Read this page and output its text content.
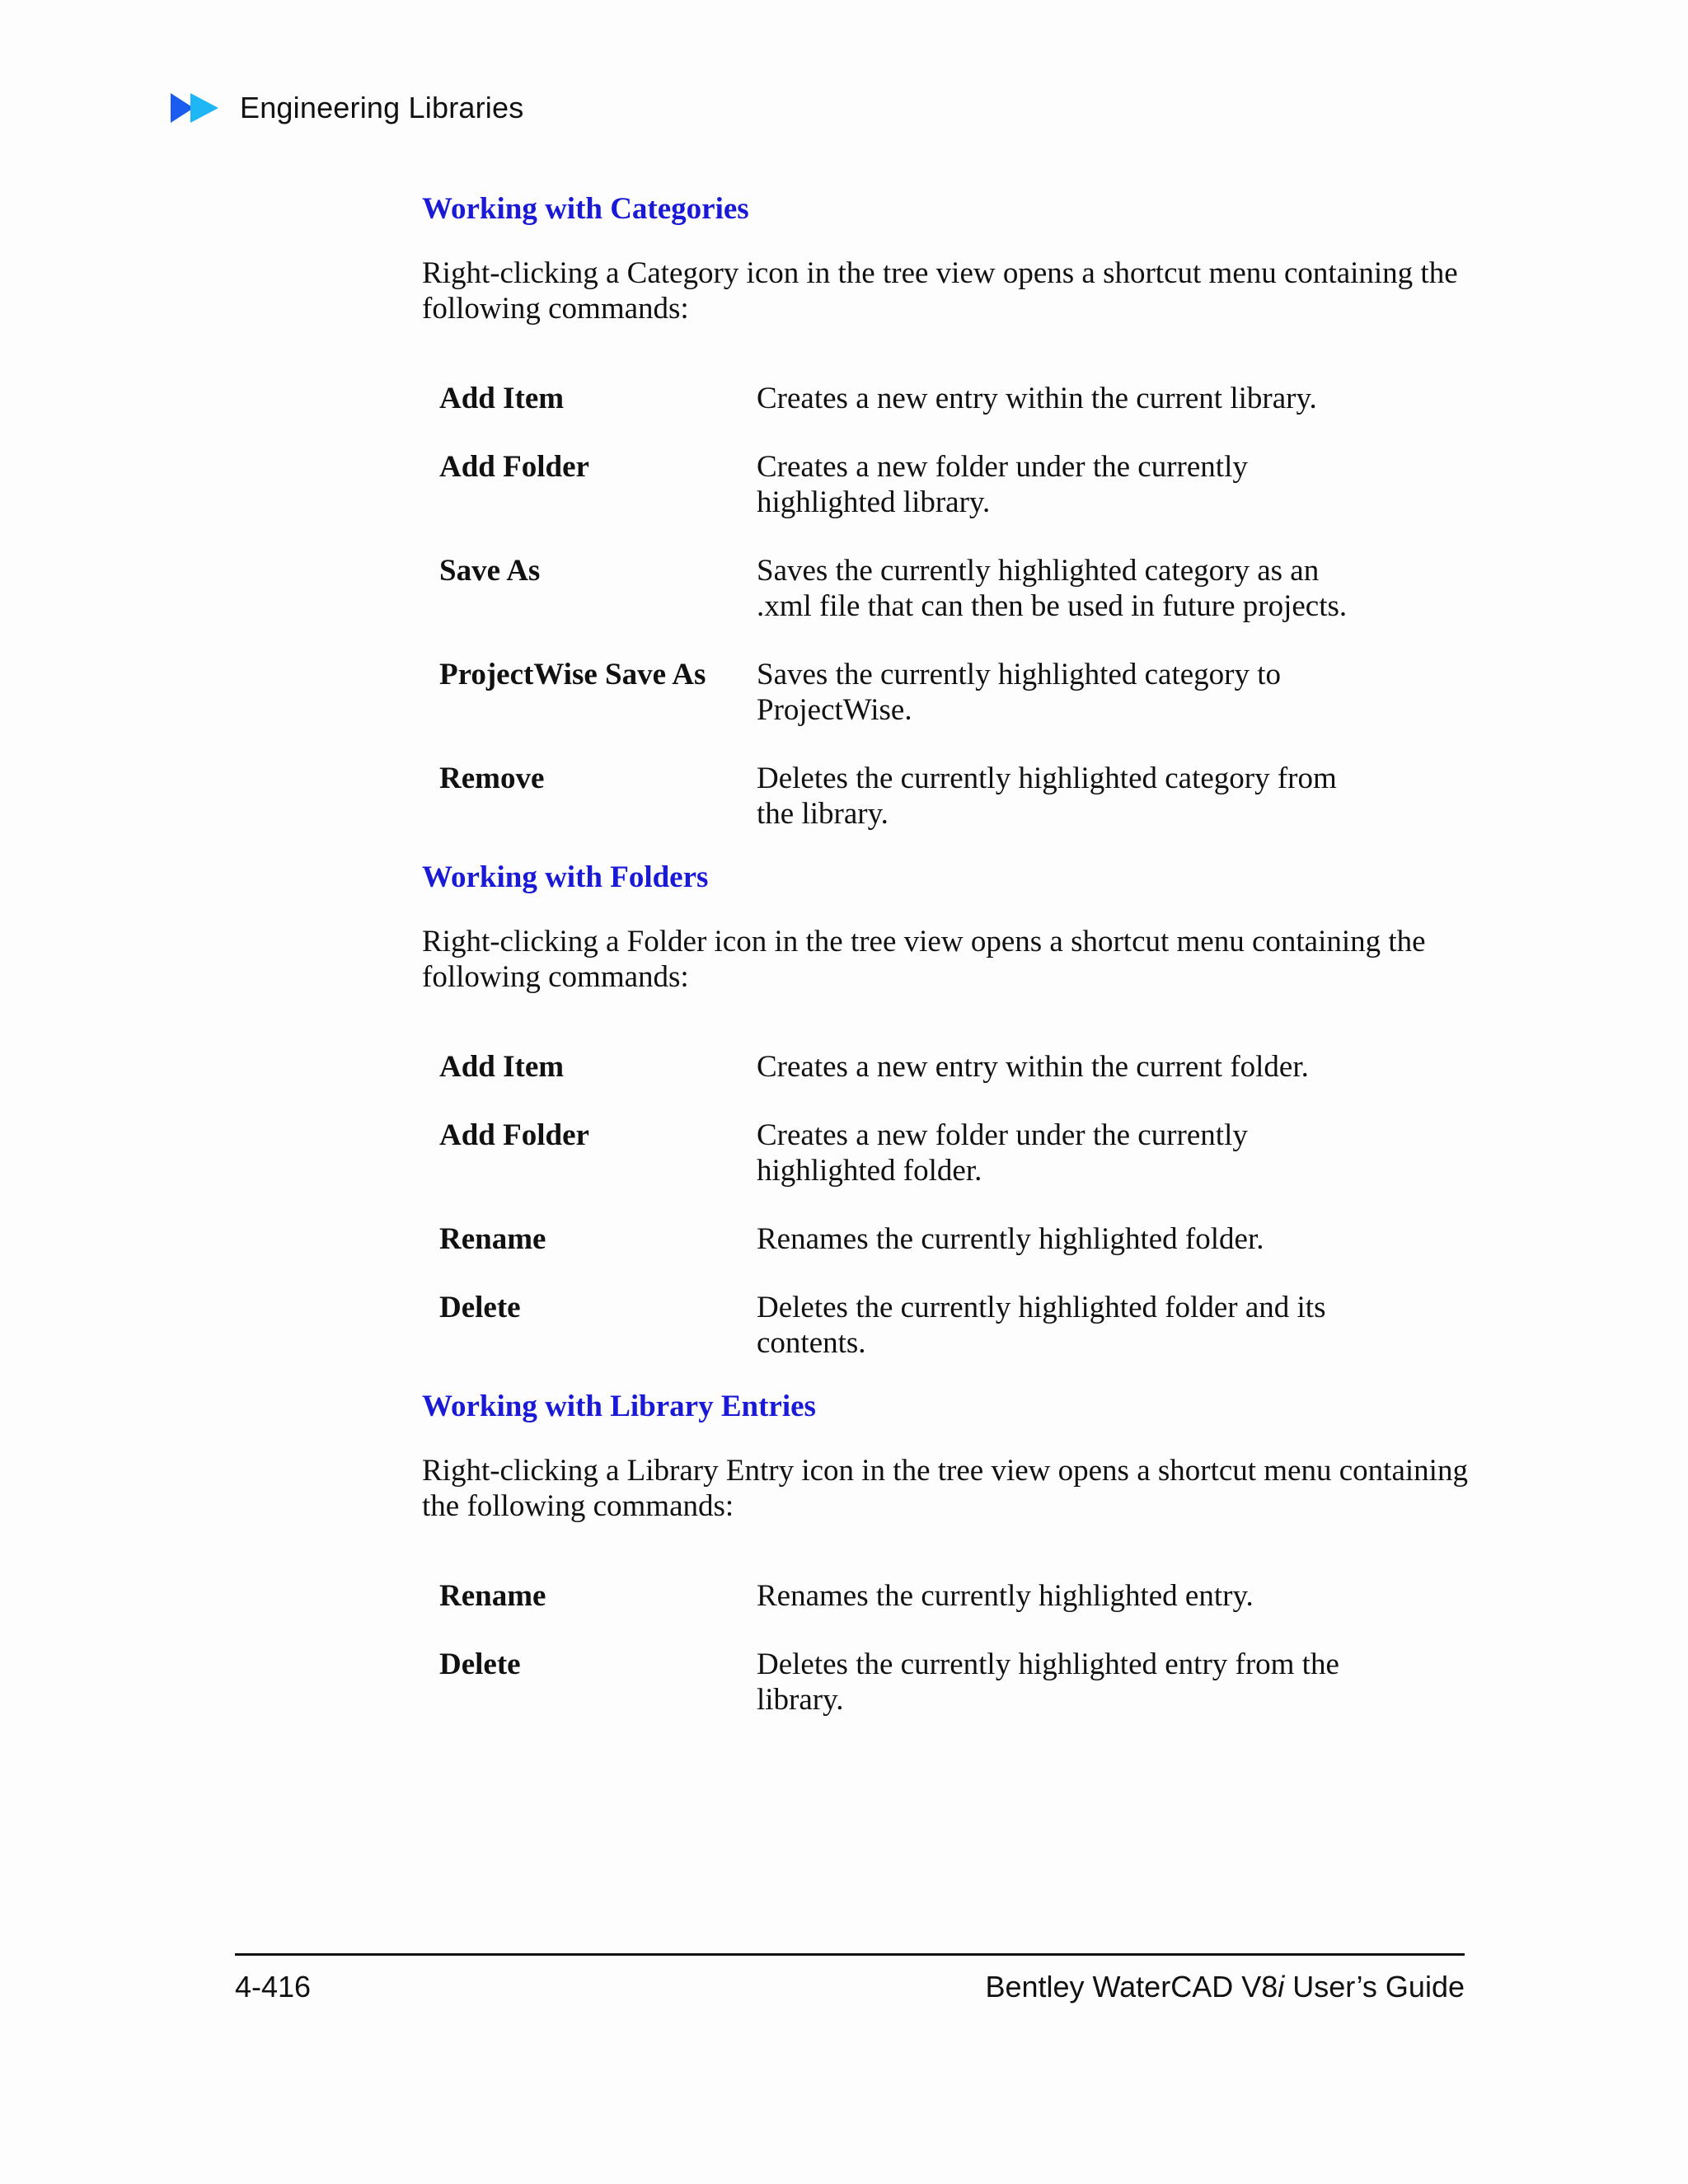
Engineering Libraries
Working with Categories

Right-clicking a Category icon in the tree view opens a shortcut menu containing the following commands:

Add Item	Creates a new entry within the current library.
Add Folder	Creates a new folder under the currently highlighted library.
Save As	Saves the currently highlighted category as an .xml file that can then be used in future projects.
ProjectWise Save As	Saves the currently highlighted category to ProjectWise.
Remove	Deletes the currently highlighted category from the library.
Working with Folders

Right-clicking a Folder icon in the tree view opens a shortcut menu containing the following commands:

Add Item	Creates a new entry within the current folder.
Add Folder	Creates a new folder under the currently highlighted folder.
Rename	Renames the currently highlighted folder.
Delete	Deletes the currently highlighted folder and its contents.
Working with Library Entries

Right-clicking a Library Entry icon in the tree view opens a shortcut menu containing the following commands:

Rename	Renames the currently highlighted entry.
Delete	Deletes the currently highlighted entry from the library.
4-416	Bentley WaterCAD V8i User’s Guide
